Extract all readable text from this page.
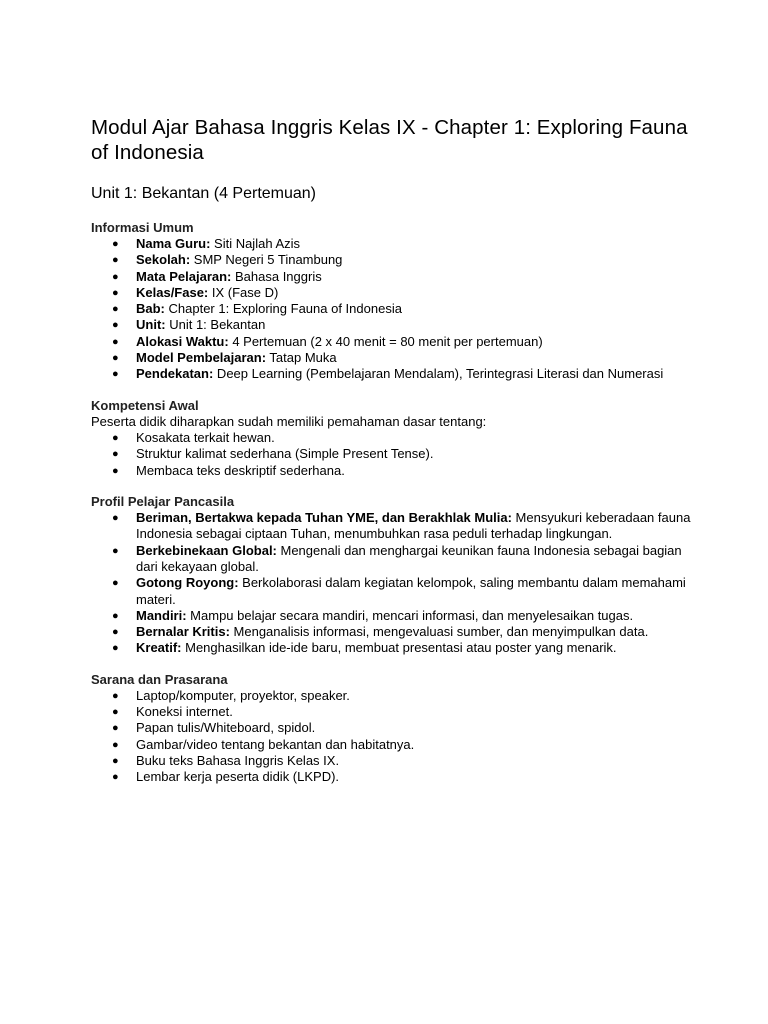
Modul Ajar Bahasa Inggris Kelas IX - Chapter 1: Exploring Fauna of Indonesia
Unit 1: Bekantan (4 Pertemuan)
Informasi Umum
● Nama Guru: Siti Najlah Azis
● Sekolah: SMP Negeri 5 Tinambung
● Mata Pelajaran: Bahasa Inggris
● Kelas/Fase: IX (Fase D)
● Bab: Chapter 1: Exploring Fauna of Indonesia
● Unit: Unit 1: Bekantan
● Alokasi Waktu: 4 Pertemuan (2 x 40 menit = 80 menit per pertemuan)
● Model Pembelajaran: Tatap Muka
● Pendekatan: Deep Learning (Pembelajaran Mendalam), Terintegrasi Literasi dan Numerasi
Kompetensi Awal

Peserta didik diharapkan sudah memiliki pemahaman dasar tentang:

● Kosakata terkait hewan.
● Struktur kalimat sederhana (Simple Present Tense).
● Membaca teks deskriptif sederhana.
Profil Pelajar Pancasila
● Beriman, Bertakwa kepada Tuhan YME, dan Berakhlak Mulia: Mensyukuri keberadaan fauna Indonesia sebagai ciptaan Tuhan, menumbuhkan rasa peduli terhadap lingkungan.
● Berkebinekaan Global: Mengenali dan menghargai keunikan fauna Indonesia sebagai bagian dari kekayaan global.
● Gotong Royong: Berkolaborasi dalam kegiatan kelompok, saling membantu dalam memahami materi.
● Mandiri: Mampu belajar secara mandiri, mencari informasi, dan menyelesaikan tugas.
● Bernalar Kritis: Menganalisis informasi, mengevaluasi sumber, dan menyimpulkan data.
● Kreatif: Menghasilkan ide-ide baru, membuat presentasi atau poster yang menarik.
Sarana dan Prasarana
● Laptop/komputer, proyektor, speaker.
● Koneksi internet.
● Papan tulis/Whiteboard, spidol.
● Gambar/video tentang bekantan dan habitatnya.
● Buku teks Bahasa Inggris Kelas IX.
● Lembar kerja peserta didik (LKPD).
